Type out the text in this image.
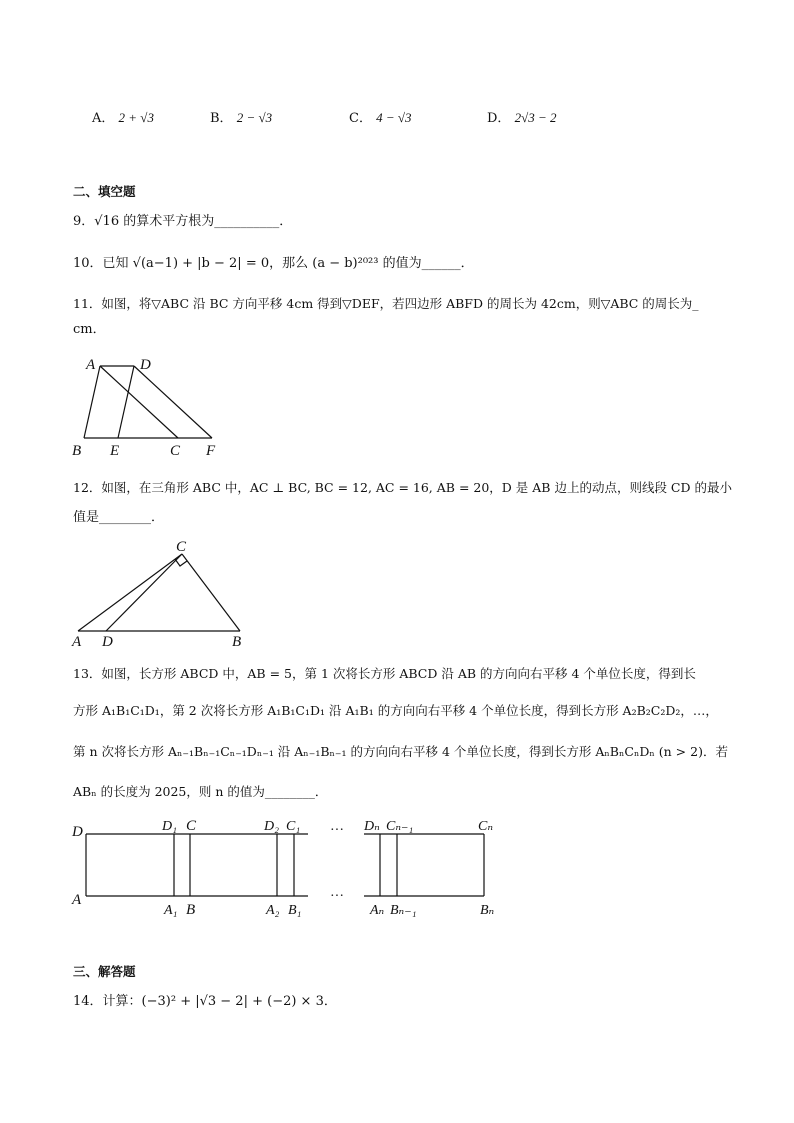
A． 2 + √3	B． 2 − √3	C． 4 − √3	D． 2√3 − 2
二、填空题
9．√16 的算术平方根为__________．
10．已知 √(a−1) + |b − 2| = 0，那么 (a − b)²⁰²³ 的值为______．
11．如图，将▽ABC 沿 BC 方向平移 4cm 得到▽DEF，若四边形 ABFD 的周长为 42cm，则▽ABC 的周长为_
cm．
A	D
B E	C F
12．如图，在三角形 ABC 中，AC ⊥ BC, BC = 12, AC = 16, AB = 20，D 是 AB 边上的动点，则线段 CD 的最小
值是________．
C
A D	B
13．如图，长方形 ABCD 中，AB = 5，第 1 次将长方形 ABCD 沿 AB 的方向向右平移 4 个单位长度，得到长
方形 A₁B₁C₁D₁，第 2 次将长方形 A₁B₁C₁D₁ 沿 A₁B₁ 的方向向右平移 4 个单位长度，得到长方形 A₂B₂C₂D₂，…，
第 n 次将长方形 Aₙ₋₁Bₙ₋₁Cₙ₋₁Dₙ₋₁ 沿 Aₙ₋₁Bₙ₋₁ 的方向向右平移 4 个单位长度，得到长方形 AₙBₙCₙDₙ (n > 2)．若
ABₙ 的长度为 2025，则 n 的值为________．
D	D₁ C	D₂ C₁ ··· Dₙ Cₙ₋₁	Cₙ
A
A₁ B	A₂ B₁
···
Aₙ Bₙ₋₁	Bₙ
三、解答题
14．计算：(−3)² + |√3 − 2| + (−2) × 3．
